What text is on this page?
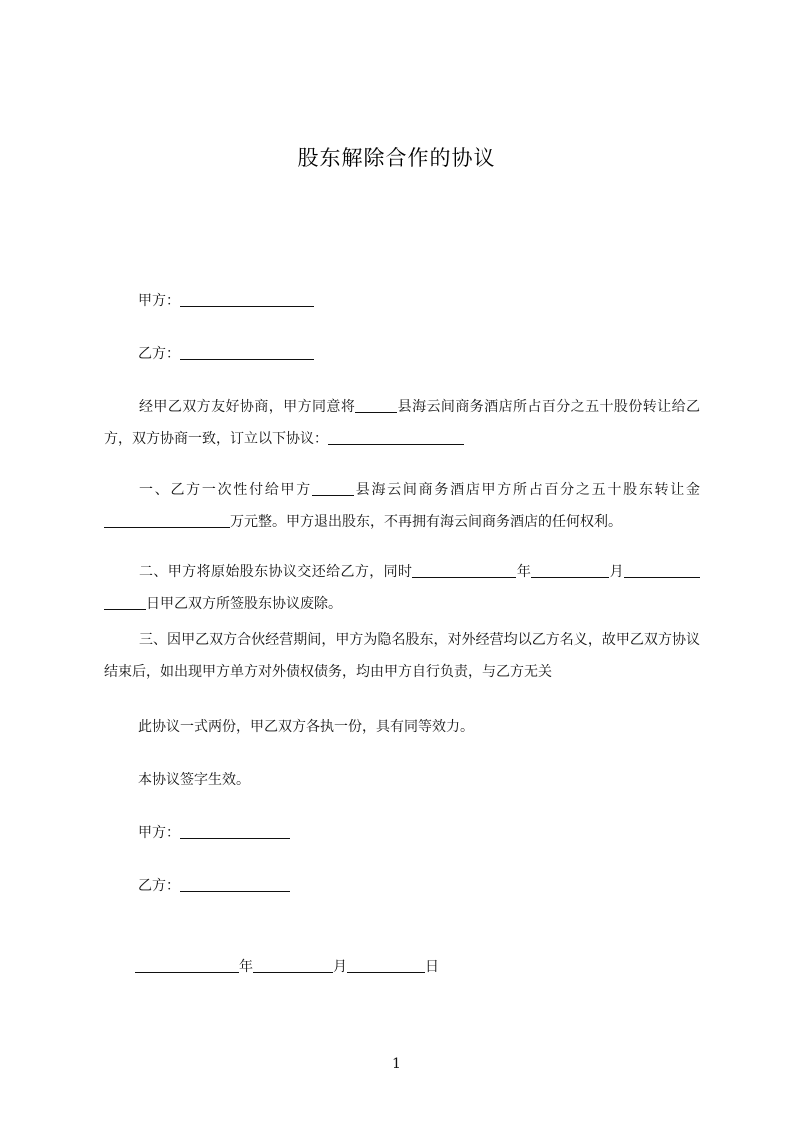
股东解除合作的协议
甲方：
乙方：
经甲乙双方友好协商，甲方同意将	县海云间商务酒店所占百分之五十股份转让给乙方，双方协商一致，订立以下协议：
一、乙方一次性付给甲方	县海云间商务酒店甲方所占百分之五十股东转让金万元整。甲方退出股东，不再拥有海云间商务酒店的任何权利。
二、甲方将原始股东协议交还给乙方，同时	年	月日甲乙双方所签股东协议废除。
三、因甲乙双方合伙经营期间，甲方为隐名股东，对外经营均以乙方名义，故甲乙双方协议结束后，如出现甲方单方对外债权债务，均由甲方自行负责，与乙方无关
此协议一式两份，甲乙双方各执一份，具有同等效力。
本协议签字生效。
甲方：
乙方：
年	月	日
1
